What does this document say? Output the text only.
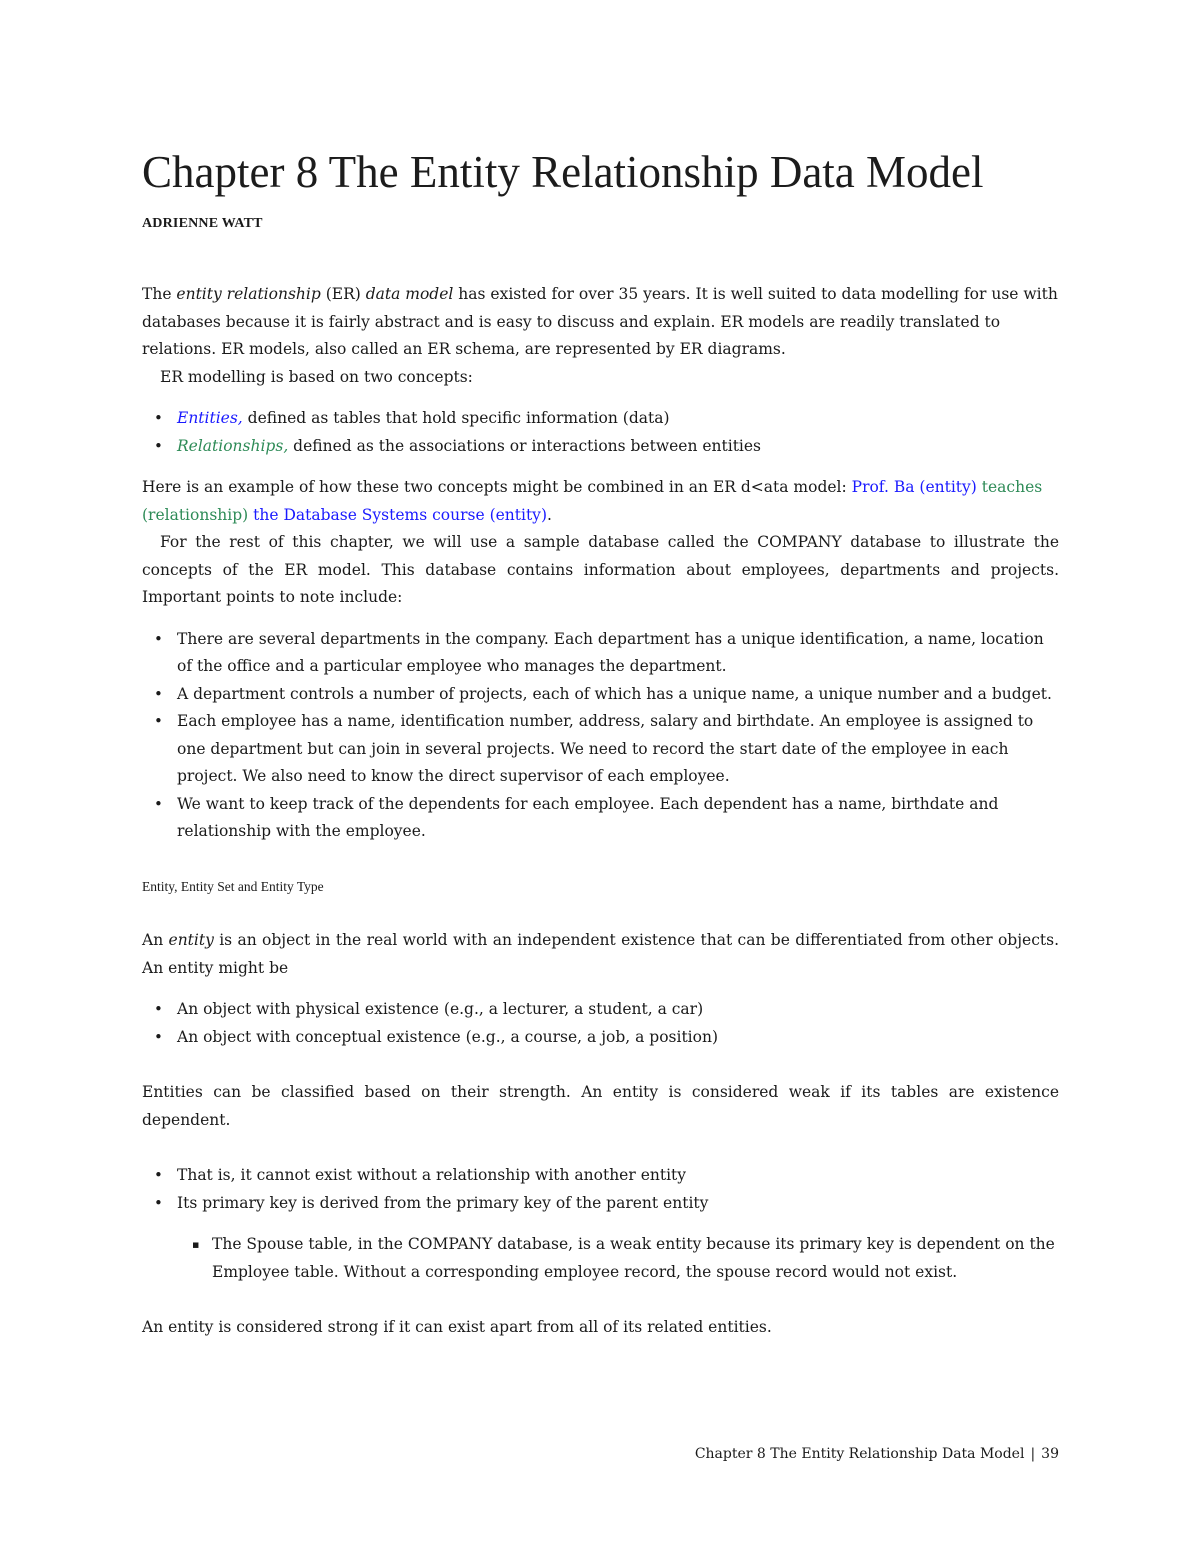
Chapter 8 The Entity Relationship Data Model
ADRIENNE WATT

The entity relationship (ER) data model has existed for over 35 years. It is well suited to data modelling for use with databases because it is fairly abstract and is easy to discuss and explain. ER models are readily translated to relations. ER models, also called an ER schema, are represented by ER diagrams.

ER modelling is based on two concepts:

• Entities, defined as tables that hold specific information (data)
• Relationships, defined as the associations or interactions between entities

Here is an example of how these two concepts might be combined in an ER d<ata model: Prof. Ba (entity) teaches (relationship) the Database Systems course (entity).

For the rest of this chapter, we will use a sample database called the COMPANY database to illustrate the concepts of the ER model. This database contains information about employees, departments and projects. Important points to note include:

• There are several departments in the company. Each department has a unique identification, a name, location of the office and a particular employee who manages the department.
• A department controls a number of projects, each of which has a unique name, a unique number and a budget.
• Each employee has a name, identification number, address, salary and birthdate. An employee is assigned to one department but can join in several projects. We need to record the start date of the employee in each project. We also need to know the direct supervisor of each employee.
• We want to keep track of the dependents for each employee. Each dependent has a name, birthdate and relationship with the employee.

Entity, Entity Set and Entity Type

An entity is an object in the real world with an independent existence that can be differentiated from other objects. An entity might be

• An object with physical existence (e.g., a lecturer, a student, a car)
• An object with conceptual existence (e.g., a course, a job, a position)

Entities can be classified based on their strength. An entity is considered weak if its tables are existence dependent.

• That is, it cannot exist without a relationship with another entity
• Its primary key is derived from the primary key of the parent entity
▪ The Spouse table, in the COMPANY database, is a weak entity because its primary key is dependent on the Employee table. Without a corresponding employee record, the spouse record would not exist.

An entity is considered strong if it can exist apart from all of its related entities.

Chapter 8 The Entity Relationship Data Model | 39
